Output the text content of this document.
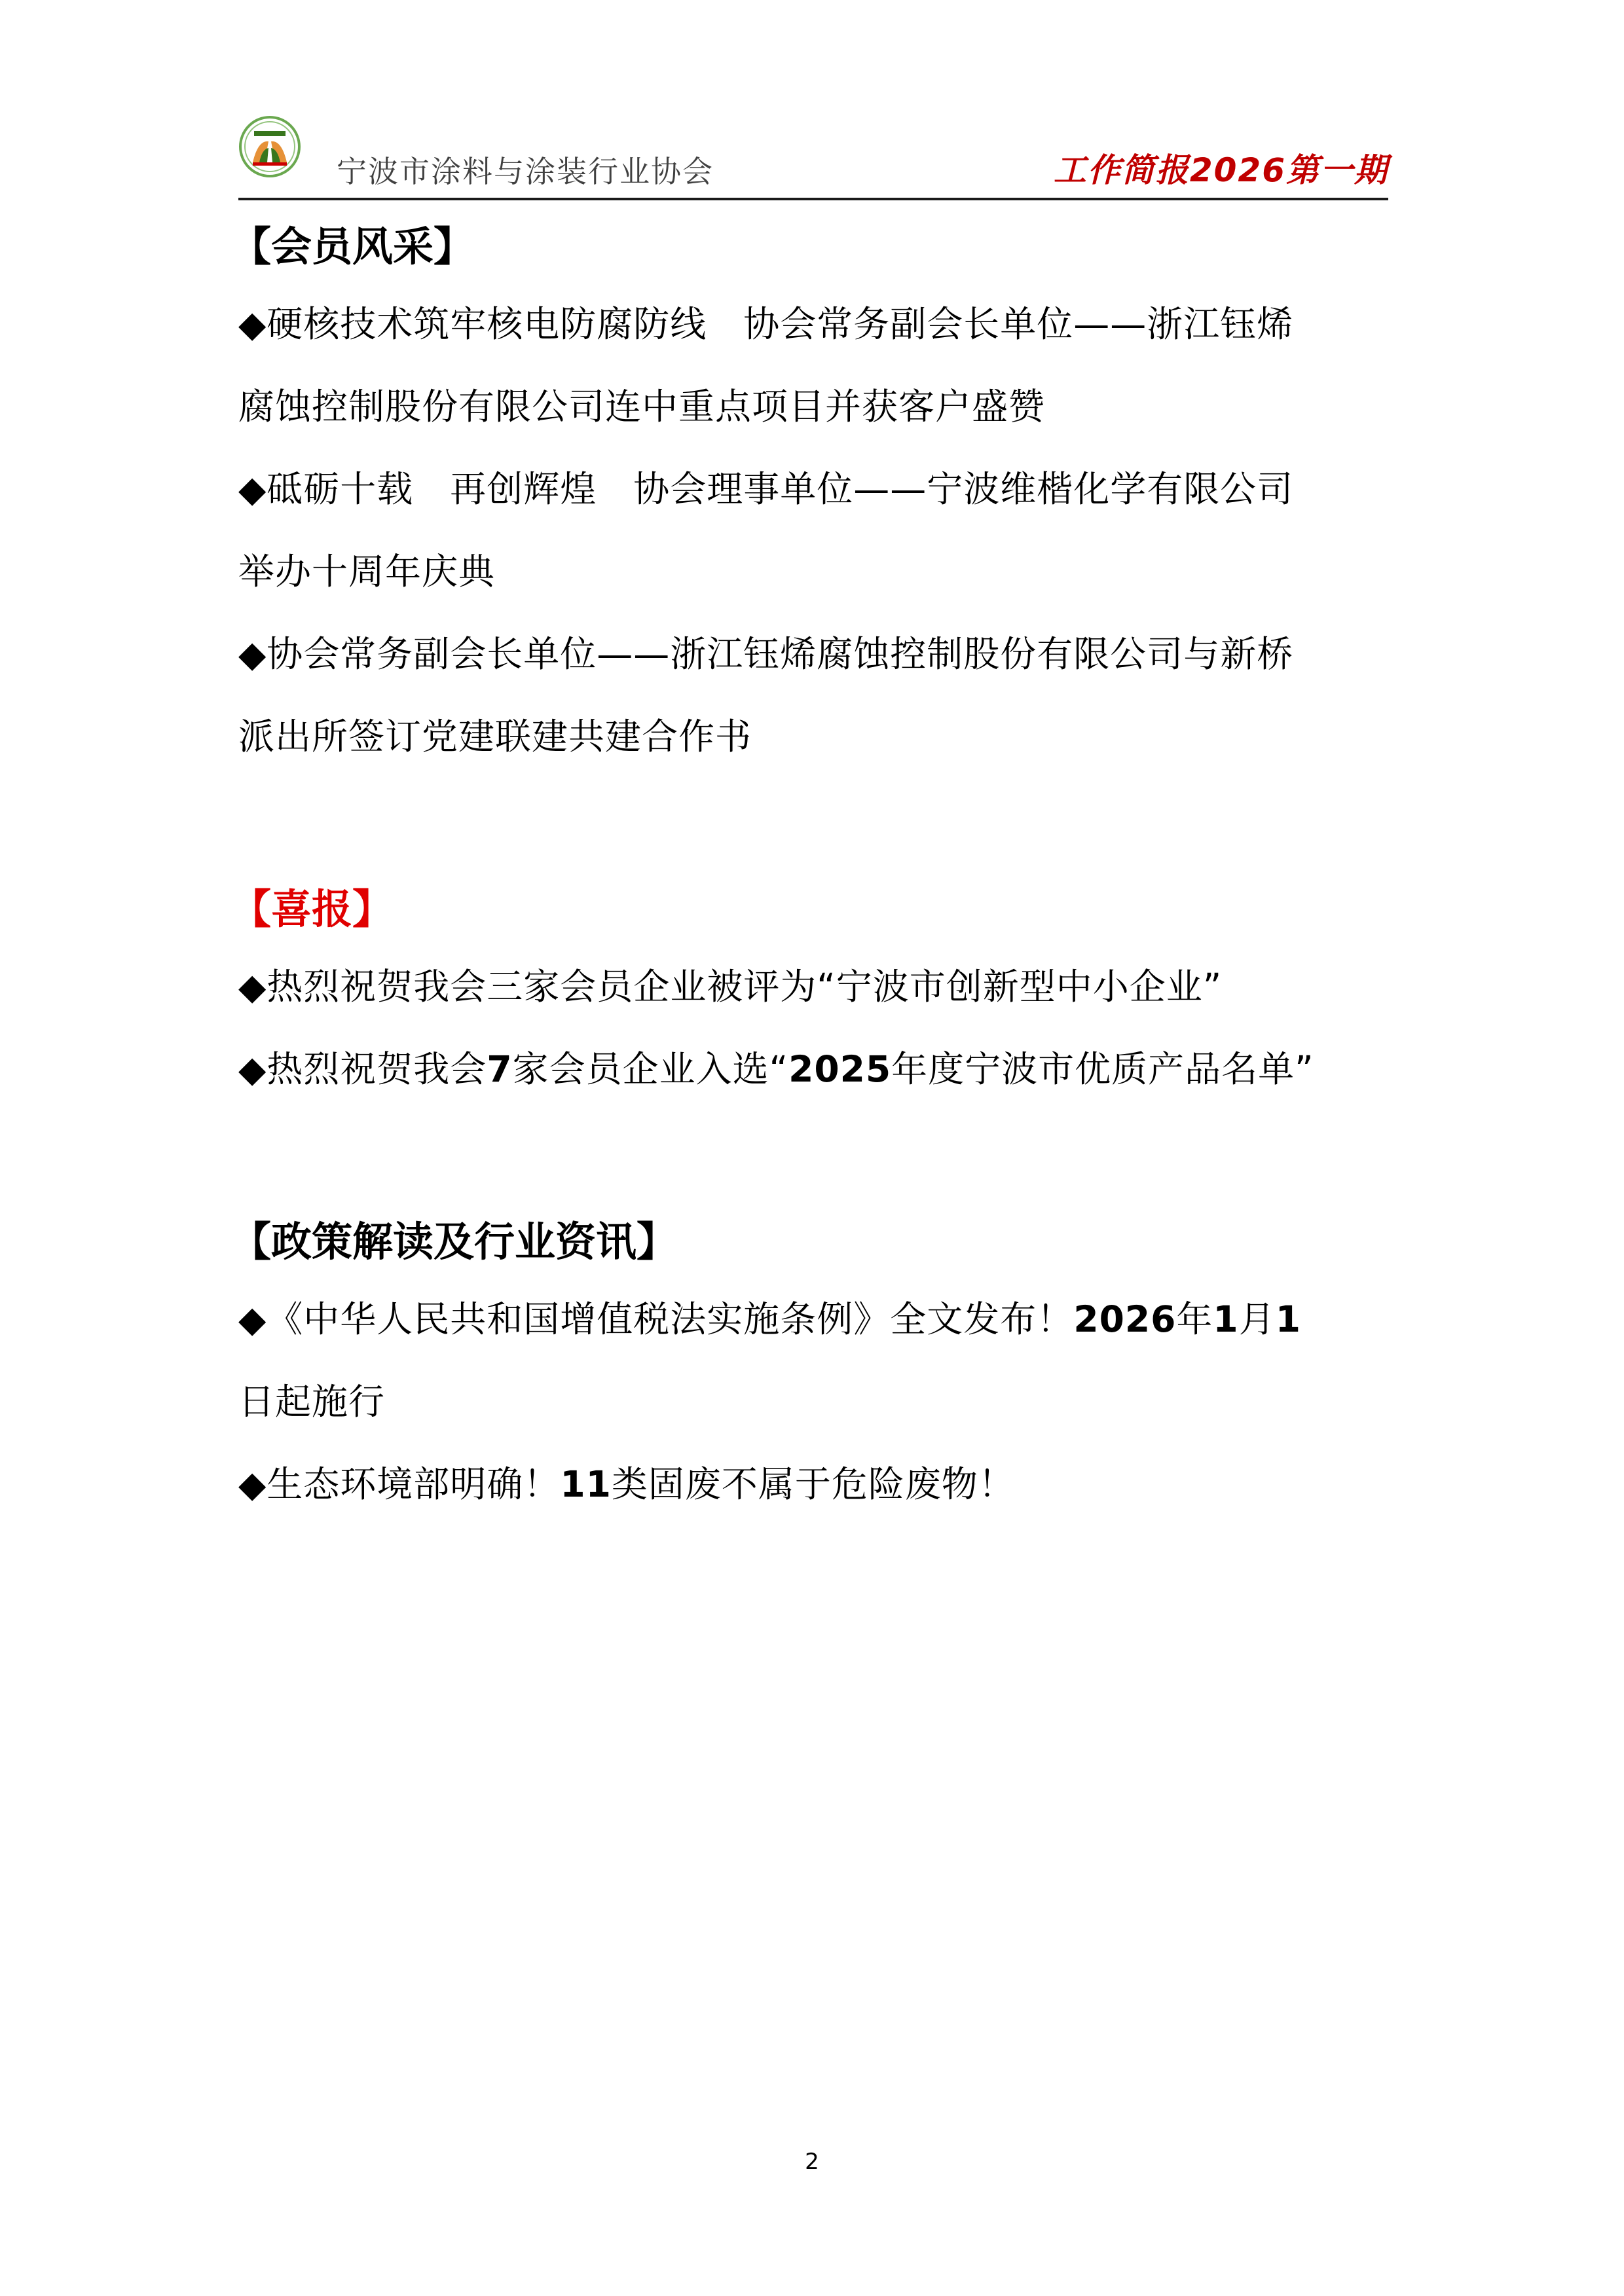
宁波市涂料与涂装行业协会	工作简报2026第一期
【会员风采】
◆硬核技术筑牢核电防腐防线　协会常务副会长单位——浙江钰烯
腐蚀控制股份有限公司连中重点项目并获客户盛赞
◆砥砺十载　再创辉煌　协会理事单位——宁波维楷化学有限公司
举办十周年庆典
◆协会常务副会长单位——浙江钰烯腐蚀控制股份有限公司与新桥
派出所签订党建联建共建合作书
【喜报】
◆热烈祝贺我会三家会员企业被评为“宁波市创新型中小企业”
◆热烈祝贺我会7家会员企业入选“2025年度宁波市优质产品名单”
【政策解读及行业资讯】
◆《中华人民共和国增值税法实施条例》全文发布！2026年1月1
日起施行
◆生态环境部明确！11类固废不属于危险废物！
2
